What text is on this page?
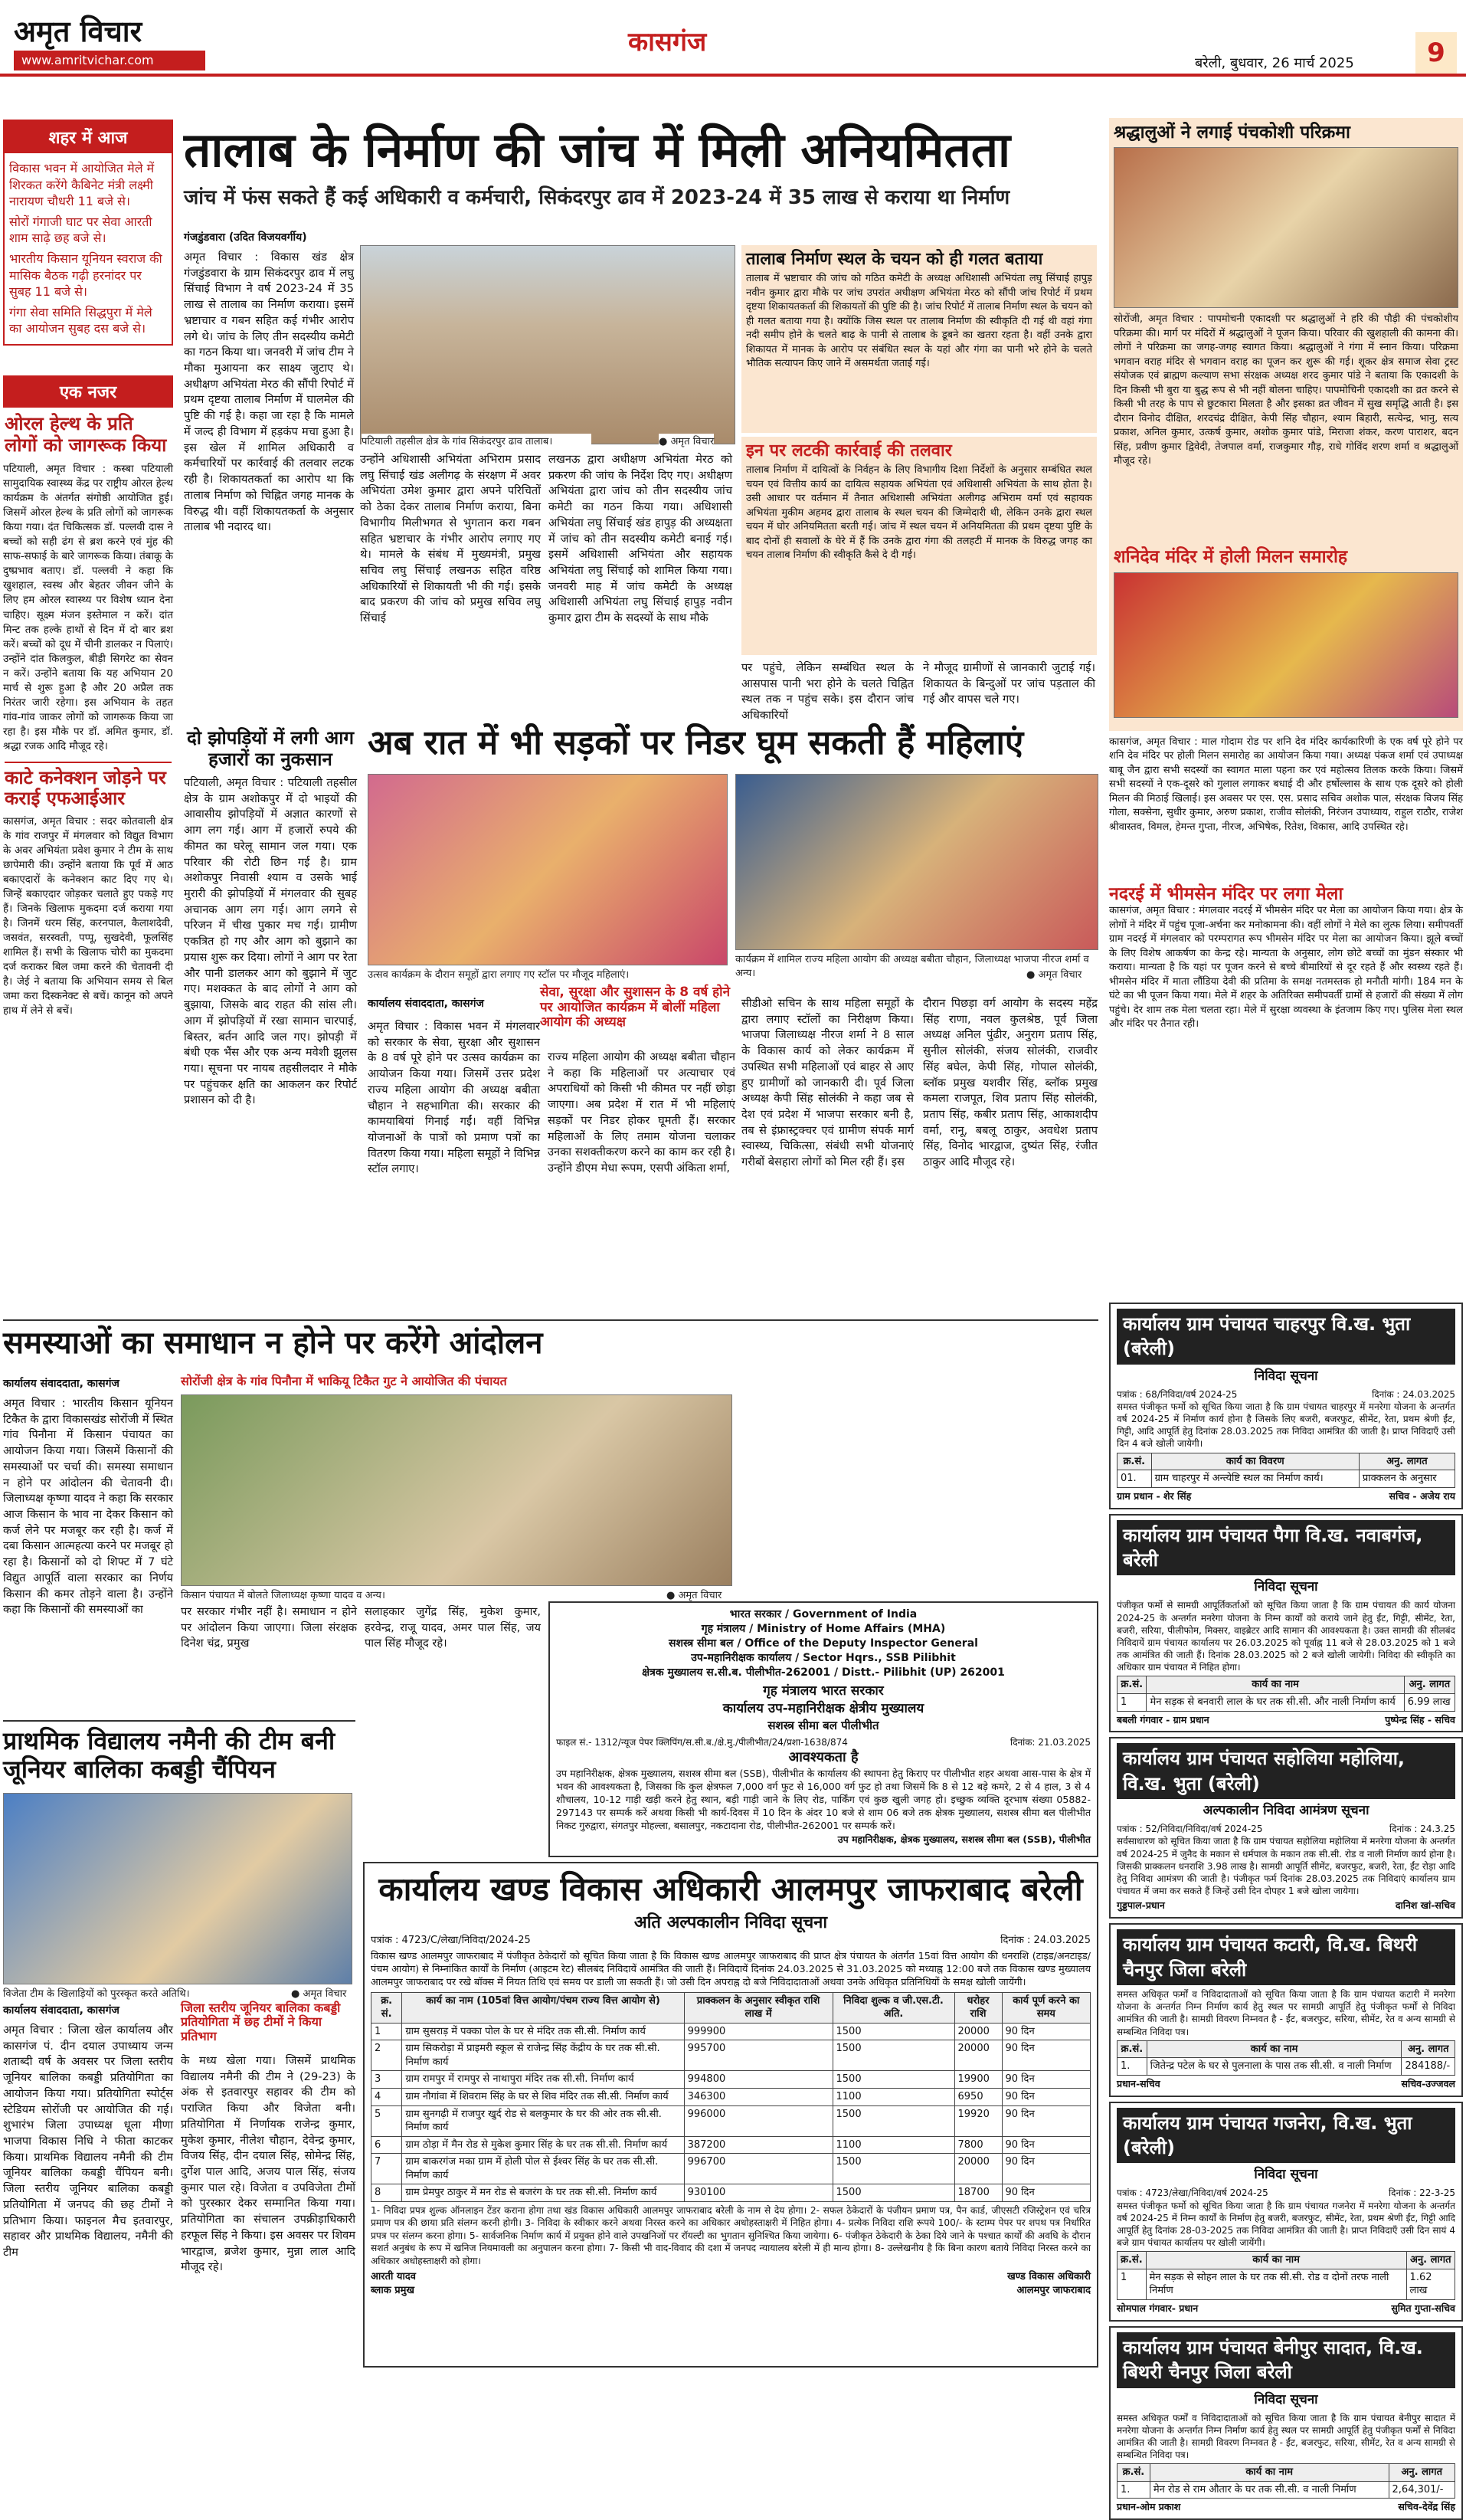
अमृत विचार
www.amritvichar.com
कासगंज
बरेली, बुधवार, 26 मार्च 2025	9
शहर में आज
विकास भवन में आयोजित मेले में शिरकत करेंगे कैबिनेट मंत्री लक्ष्मी नारायण चौधरी 11 बजे से।
सोरों गंगाजी घाट पर सेवा आरती शाम साढ़े छह बजे से।
भारतीय किसान यूनियन स्वराज की मासिक बैठक गढ़ी हरनांदर पर सुबह 11 बजे से।
गंगा सेवा समिति सिद्धपुरा में मेले का आयोजन सुबह दस बजे से।
एक नजर
ओरल हेल्थ के प्रति लोगों को जागरूक किया
पटियाली, अमृत विचार : कस्बा पटियाली सामुदायिक स्वास्थ्य केंद्र पर राष्ट्रीय ओरल हेल्थ कार्यक्रम के अंतर्गत संगोष्ठी आयोजित हुई। जिसमें ओरल हेल्थ के प्रति लोगों को जागरूक किया गया। दंत चिकित्सक डॉ. पल्लवी दास ने बच्चों को सही ढंग से ब्रश करने एवं मुंह की साफ-सफाई के बारे जागरूक किया। तंबाकू के दुष्प्रभाव बताए। डॉ. पल्लवी ने कहा कि खुशहाल, स्वस्थ और बेहतर जीवन जीने के लिए हम ओरल स्वास्थ्य पर विशेष ध्यान देना चाहिए। सूक्ष्म मंजन इस्तेमाल न करें। दांत मिन्ट तक हल्के हाथों से दिन में दो बार ब्रश करें। बच्चों को दूध में चीनी डालकर न पिलाएं। उन्होंने दांत किलकुल, बीड़ी सिगरेट का सेवन न करें। उन्होंने बताया कि यह अभियान 20 मार्च से शुरू हुआ है और 20 अप्रैल तक निरंतर जारी रहेगा। इस अभियान के तहत गांव-गांव जाकर लोगों को जागरूक किया जा रहा है। इस मौके पर डॉ. अमित कुमार, डॉ. श्रद्धा रजक आदि मौजूद रहे।
काटे कनेक्शन जोड़ने पर कराई एफआईआर
कासगंज, अमृत विचार : सदर कोतवाली क्षेत्र के गांव राजपुर में मंगलवार को विद्युत विभाग के अवर अभियंता प्रवेश कुमार ने टीम के साथ छापेमारी की। उन्होंने बताया कि पूर्व में आठ बकाएदारों के कनेक्शन काट दिए गए थे। जिन्हें बकाएदार जोड़कर चलाते हुए पकड़े गए हैं। जिनके खिलाफ मुकदमा दर्ज कराया गया है। जिनमें धरम सिंह, करनपाल, कैलाशदेवी, जसवंत, सरस्वती, पप्पू, सुखदेवी, फूलसिंह शामिल हैं। सभी के खिलाफ चोरी का मुकदमा दर्ज कराकर बिल जमा करने की चेतावनी दी है। जेई ने बताया कि अभियान समय से बिल जमा करा दिस्कनेक्ट से बचें। कानून को अपने हाथ में लेने से बचें।
तालाब के निर्माण की जांच में मिली अनियमितता
जांच में फंस सकते हैं कई अधिकारी व कर्मचारी, सिकंदरपुर ढाव में 2023-24 में 35 लाख से कराया था निर्माण
गंजडुंडवारा (उदित विजयवर्गीय)
पटियाली तहसील क्षेत्र के गांव सिकंदरपुर ढाव तालाब।	● अमृत विचार
अमृत विचार : विकास खंड क्षेत्र गंजडुंडवारा के ग्राम सिकंदरपुर ढाव में लघु सिंचाई विभाग ने वर्ष 2023-24 में 35 लाख से तालाब का निर्माण कराया। इसमें भ्रष्टाचार व गबन सहित कई गंभीर आरोप लगे थे। जांच के लिए तीन सदस्यीय कमेटी का गठन किया था। जनवरी में जांच टीम ने मौका मुआयना कर साक्ष्य जुटाए थे। अधीक्षण अभियंता मेरठ की सौंपी रिपोर्ट में प्रथम दृष्टया तालाब निर्माण में घालमेल की पुष्टि की गई है। कहा जा रहा है कि मामले में जल्द ही विभाग में हड़कंप मचा हुआ है। इस खेल में शामिल अधिकारी व कर्मचारियों पर कार्रवाई की तलवार लटक रही है। शिकायतकर्ता का आरोप था कि तालाब निर्माण को चिह्नित जगह मानक के विरुद्ध थी। वहीं शिकायतकर्ता के अनुसार तालाब भी नदारद था।
उन्होंने अधिशासी अभियंता अभिराम प्रसाद लघु सिंचाई खंड अलीगढ़ के संरक्षण में अवर अभियंता उमेश कुमार द्वारा अपने परिचितों को ठेका देकर तालाब निर्माण कराया, बिना विभागीय मिलीभगत से भुगतान करा गबन सहित भ्रष्टाचार के गंभीर आरोप लगाए गए थे। मामले के संबंध में मुख्यमंत्री, प्रमुख सचिव लघु सिंचाई लखनऊ सहित वरिष्ठ अधिकारियों से शिकायती भी की गई। इसके बाद प्रकरण की जांच को प्रमुख सचिव लघु सिंचाई
लखनऊ द्वारा अधीक्षण अभियंता मेरठ को प्रकरण की जांच के निर्देश दिए गए। अधीक्षण अभियंता द्वारा जांच को तीन सदस्यीय जांच कमेटी का गठन किया गया। अधिशासी अभियंता लघु सिंचाई खंड हापुड़ की अध्यक्षता में जांच को तीन सदस्यीय कमेटी बनाई गई। इसमें अधिशासी अभियंता और सहायक अभियंता लघु सिंचाई को शामिल किया गया। जनवरी माह में जांच कमेटी के अध्यक्ष अधिशासी अभियंता लघु सिंचाई हापुड़ नवीन कुमार द्वारा टीम के सदस्यों के साथ मौके
तालाब निर्माण स्थल के चयन को ही गलत बताया
तालाब में भ्रष्टाचार की जांच को गठित कमेटी के अध्यक्ष अधिशासी अभियंता लघु सिंचाई हापुड़ नवीन कुमार द्वारा मौके पर जांच उपरांत अधीक्षण अभियंता मेरठ को सौंपी जांच रिपोर्ट में प्रथम दृष्टया शिकायतकर्ता की शिकायतों की पुष्टि की है। जांच रिपोर्ट में तालाब निर्माण स्थल के चयन को ही गलत बताया गया है। क्योंकि जिस स्थल पर तालाब निर्माण की स्वीकृति दी गई थी वहां गंगा नदी समीप होने के चलते बाढ़ के पानी से तालाब के डूबने का खतरा रहता है। वहीं उनके द्वारा शिकायत में मानक के आरोप पर संबंधित स्थल के यहां और गंगा का पानी भरे होने के चलते भौतिक सत्यापन किए जाने में असमर्थता जताई गई।
इन पर लटकी कार्रवाई की तलवार
तालाब निर्माण में दायित्वों के निर्वहन के लिए विभागीय दिशा निर्देशों के अनुसार सम्बंधित स्थल चयन एवं वित्तीय कार्य का दायित्व सहायक अभियंता एवं अधिशासी अभियंता के साथ होता है। उसी आधार पर वर्तमान में तैनात अधिशासी अभियंता अलीगढ़ अभिराम वर्मा एवं सहायक अभियंता मुकीम अहमद द्वारा तालाब के स्थल चयन की जिम्मेदारी थी, लेकिन उनके द्वारा स्थल चयन में घोर अनियमितता बरती गई। जांच में स्थल चयन में अनियमितता की प्रथम दृष्टया पुष्टि के बाद दोनों ही सवालों के घेरे में हैं कि उनके द्वारा गंगा की तलहटी में मानक के विरुद्ध जगह का चयन तालाब निर्माण की स्वीकृति कैसे दे दी गई।
पर पहुंचे, लेकिन सम्बंधित स्थल के आसपास पानी भरा होने के चलते चिह्नित स्थल तक न पहुंच सके। इस दौरान जांच अधिकारियों
ने मौजूद ग्रामीणों से जानकारी जुटाई गई। शिकायत के बिन्दुओं पर जांच पड़ताल की गई और वापस चले गए।
दो झोपड़ियों में लगी आग हजारों का नुकसान
पटियाली, अमृत विचार : पटियाली तहसील क्षेत्र के ग्राम अशोकपुर में दो भाइयों की आवासीय झोपड़ियों में अज्ञात कारणों से आग लग गई। आग में हजारों रुपये की कीमत का घरेलू सामान जल गया। एक परिवार की रोटी छिन गई है। ग्राम अशोकपुर निवासी श्याम व उसके भाई मुरारी की झोपड़ियों में मंगलवार की सुबह अचानक आग लग गई। आग लगने से परिजन में चीख पुकार मच गई। ग्रामीण एकत्रित हो गए और आग को बुझाने का प्रयास शुरू कर दिया। लोगों ने आग पर रेता और पानी डालकर आग को बुझाने में जुट गए। मशक्कत के बाद लोगों ने आग को बुझाया, जिसके बाद राहत की सांस ली। आग में झोपड़ियों में रखा सामान चारपाई, बिस्तर, बर्तन आदि जल गए। झोपड़ी में बंधी एक भैंस और एक अन्य मवेशी झुलस गया। सूचना पर नायब तहसीलदार ने मौके पर पहुंचकर क्षति का आकलन कर रिपोर्ट प्रशासन को दी है।
अब रात में भी सड़कों पर निडर घूम सकती हैं महिलाएं
उत्सव कार्यक्रम के दौरान समूहों द्वारा लगाए गए स्टॉल पर मौजूद महिलाएं।
कार्यक्रम में शामिल राज्य महिला आयोग की अध्यक्ष बबीता चौहान, जिलाध्यक्ष भाजपा नीरज शर्मा व अन्य।	● अमृत विचार
कार्यालय संवाददाता, कासगंज
सेवा, सुरक्षा और सुशासन के 8 वर्ष होने पर आयोजित कार्यक्रम में बोलीं महिला आयोग की अध्यक्ष
अमृत विचार : विकास भवन में मंगलवार को सरकार के सेवा, सुरक्षा और सुशासन के 8 वर्ष पूरे होने पर उत्सव कार्यक्रम का आयोजन किया गया। जिसमें उत्तर प्रदेश राज्य महिला आयोग की अध्यक्ष बबीता चौहान ने सहभागिता की। सरकार की कामयाबियां गिनाई गईं। वहीं विभिन्न योजनाओं के पात्रों को प्रमाण पत्रों का वितरण किया गया। महिला समूहों ने विभिन्न स्टॉल लगाए।
राज्य महिला आयोग की अध्यक्ष बबीता चौहान ने कहा कि महिलाओं पर अत्याचार एवं अपराधियों को किसी भी कीमत पर नहीं छोड़ा जाएगा। अब प्रदेश में रात में भी महिलाएं सड़कों पर निडर होकर घूमती हैं। सरकार महिलाओं के लिए तमाम योजना चलाकर उनका सशक्तीकरण करने का काम कर रही है। उन्होंने डीएम मेधा रूपम, एसपी अंकिता शर्मा,
सीडीओ सचिन के साथ महिला समूहों के द्वारा लगाए स्टॉलों का निरीक्षण किया। भाजपा जिलाध्यक्ष नीरज शर्मा ने 8 साल के विकास कार्य को लेकर कार्यक्रम में उपस्थित सभी महिलाओं एवं बाहर से आए हुए ग्रामीणों को जानकारी दी। पूर्व जिला अध्यक्ष केपी सिंह सोलंकी ने कहा जब से देश एवं प्रदेश में भाजपा सरकार बनी है, तब से इंफ्रास्ट्रक्चर एवं ग्रामीण संपर्क मार्ग स्वास्थ्य, चिकित्सा, संबंधी सभी योजनाएं गरीबों बेसहारा लोगों को मिल रही हैं। इस
दौरान पिछड़ा वर्ग आयोग के सदस्य महेंद्र सिंह राणा, नवल कुलश्रेष्ठ, पूर्व जिला अध्यक्ष अनिल पुंढीर, अनुराग प्रताप सिंह, सुनील सोलंकी, संजय सोलंकी, राजवीर सिंह बघेल, केपी सिंह, गोपाल सोलंकी, ब्लॉक प्रमुख यशवीर सिंह, ब्लॉक प्रमुख कमला राजपूत, शिव प्रताप सिंह सोलंकी, प्रताप सिंह, कबीर प्रताप सिंह, आकाशदीप वर्मा, रानू, बबलू ठाकुर, अवधेश प्रताप सिंह, विनोद भारद्वाज, दुष्यंत सिंह, रंजीत ठाकुर आदि मौजूद रहे।
समस्याओं का समाधान न होने पर करेंगे आंदोलन
कार्यालय संवाददाता, कासगंज	सोरोंजी क्षेत्र के गांव पिनौना में भाकियू टिकैत गुट ने आयोजित की पंचायत
किसान पंचायत में बोलते जिलाध्यक्ष कृष्णा यादव व अन्य।	● अमृत विचार
अमृत विचार : भारतीय किसान यूनियन टिकैत के द्वारा विकासखंड सोरोंजी में स्थित गांव पिनौना में किसान पंचायत का आयोजन किया गया। जिसमें किसानों की समस्याओं पर चर्चा की। समस्या समाधान न होने पर आंदोलन की चेतावनी दी। जिलाध्यक्ष कृष्णा यादव ने कहा कि सरकार आज किसान के भाव ना देकर किसान को कर्ज लेने पर मजबूर कर रही है। कर्ज में दबा किसान आत्महत्या करने पर मजबूर हो रहा है। किसानों को दो शिफ्ट में 7 घंटे विद्युत आपूर्ति वाला सरकार का निर्णय किसान की कमर तोड़ने वाला है। उन्होंने कहा कि किसानों की समस्याओं का	पर सरकार गंभीर नहीं है। समाधान न होने पर आंदोलन किया जाएगा। जिला संरक्षक दिनेश चंद्र, प्रमुख
सलाहकार जुगेंद्र सिंह, मुकेश कुमार, हरवेन्द्र, राजू यादव, अमर पाल सिंह, जय पाल सिंह मौजूद रहे।
भारत सरकार / Government of India
गृह मंत्रालय / Ministry of Home Affairs (MHA)
सशस्त्र सीमा बल / Office of the Deputy Inspector General
उप-महानिरीक्षक कार्यालय / Sector Hqrs., SSB Pilibhit
क्षेत्रक मुख्यालय स.सी.ब. पीलीभीत-262001 / Distt.- Pilibhit (UP) 262001
गृह मंत्रालय भारत सरकार
कार्यालय उप-महानिरीक्षक क्षेत्रीय मुख्यालय
सशस्त्र सीमा बल पीलीभीत
फाइल सं.- 1312/न्यूज पेपर क्लिपिंग/स.सी.ब./क्षे.मु./पीलीभीत/24/प्रशा-1638/874	दिनांक: 21.03.2025
आवश्यकता है
उप महानिरीक्षक, क्षेत्रक मुख्यालय, सशस्त्र सीमा बल (SSB), पीलीभीत के कार्यालय की स्थापना हेतु किराए पर पीलीभीत शहर अथवा आस-पास के क्षेत्र में भवन की आवश्यकता है, जिसका कि कुल क्षेत्रफल 7,000 वर्ग फुट से 16,000 वर्ग फुट हो तथा जिसमें कि 8 से 12 बड़े कमरे, 2 से 4 हाल, 3 से 4 शौचालय, 10-12 गाड़ी खड़ी करने हेतु स्थान, बड़ी गाड़ी जाने के लिए रोड, पार्किंग एवं कुछ खुली जगह हो। इच्छुक व्यक्ति दूरभाष संख्या 05882-297143 पर सम्पर्क करें अथवा किसी भी कार्य-दिवस में 10 दिन के अंदर 10 बजे से शाम 06 बजे तक क्षेत्रक मुख्यालय, सशस्त्र सीमा बल पीलीभीत निकट गुरुद्वारा, संगतपुर मोहल्ला, बसालपुर, नकटादाना रोड, पीलीभीत-262001 पर सम्पर्क करें।
उप महानिरीक्षक, क्षेत्रक मुख्यालय, सशस्त्र सीमा बल (SSB), पीलीभीत
प्राथमिक विद्यालय नमैनी की टीम बनी जूनियर बालिका कबड्डी चैंपियन
विजेता टीम के खिलाड़ियों को पुरस्कृत करते अतिथि।	● अमृत विचार
कार्यालय संवाददाता, कासगंज	जिला स्तरीय जूनियर बालिका कबड्डी प्रतियोगिता में छह टीमों ने किया प्रतिभाग
अमृत विचार : जिला खेल कार्यालय और कासगंज पं. दीन दयाल उपाध्याय जन्म शताब्दी वर्ष के अवसर पर जिला स्तरीय जूनियर बालिका कबड्डी प्रतियोगिता का आयोजन किया गया। प्रतियोगिता स्पोर्ट्स स्टेडियम सोरोंजी पर आयोजित की गई। शुभारंभ जिला उपाध्यक्ष धूला मीणा भाजपा विकास निधि ने फीता काटकर किया। प्राथमिक विद्यालय नमैनी की टीम जूनियर बालिका कबड्डी चैंपियन बनी। जिला स्तरीय जूनियर बालिका कबड्डी प्रतियोगिता में जनपद की छह टीमों ने प्रतिभाग किया। फाइनल मैच इतवारपुर, सहावर और प्राथमिक विद्यालय, नमैनी की टीम
के मध्य खेला गया। जिसमें प्राथमिक विद्यालय नमैनी की टीम ने (29-23) के अंक से इतवारपुर सहावर की टीम को पराजित किया और विजेता बनी। प्रतियोगिता में निर्णायक राजेन्द्र कुमार, मुकेश कुमार, नीलेश चौहान, देवेन्द्र कुमार, विजय सिंह, दीन दयाल सिंह, सोमेन्द्र सिंह, दुर्गेश पाल आदि, अजय पाल सिंह, संजय कुमार पाल रहे। विजेता व उपविजेता टीमों को पुरस्कार देकर सम्मानित किया गया। प्रतियोगिता का संचालन उपक्रीड़ाधिकारी हरफूल सिंह ने किया। इस अवसर पर शिवम भारद्वाज, ब्रजेश कुमार, मुन्ना लाल आदि मौजूद रहे।
कार्यालय खण्ड विकास अधिकारी आलमपुर जाफराबाद बरेली
अति अल्पकालीन निविदा सूचना
पत्रांक : 4723/C/लेखा/निविदा/2024-25	दिनांक : 24.03.2025
विकास खण्ड आलमपुर जाफराबाद में पंजीकृत ठेकेदारों को सूचित किया जाता है कि विकास खण्ड आलमपुर जाफराबाद की प्राप्त क्षेत्र पंचायत के अंतर्गत 15वां वित्त आयोग की धनराशि (टाइड/अनटाइड/पंचम आयोग) से निम्नांकित कार्यों के निर्माण (आइटम रेट) सीलबंद निविदायें आमंत्रित की जाती हैं। निविदायें दिनांक 24.03.2025 से 31.03.2025 को मध्याह्न 12:00 बजे तक विकास खण्ड मुख्यालय आलमपुर जाफराबाद पर रखे बॉक्स में नियत तिथि एवं समय पर डाली जा सकती हैं। जो उसी दिन अपराह्न दो बजे निविदादाताओं अथवा उनके अधिकृत प्रतिनिधियों के समक्ष खोली जायेंगी।
क्र. सं.	कार्य का नाम (105वां वित्त आयोग/पंचम राज्य वित्त आयोग से)	प्राक्कलन के अनुसार स्वीकृत राशि लाख में	निविदा शुल्क व जी.एस.टी. अति.	धरोहर राशि	कार्य पूर्ण करने का समय
1	ग्राम सुसराड़ में पक्का पोल के घर से मंदिर तक सी.सी. निर्माण कार्य	999900	1500	20000	90 दिन
2	ग्राम सिकरोड़ा में प्राइमरी स्कूल से राजेन्द्र सिंह केंद्रीय के घर तक सी.सी. निर्माण कार्य	995700	1500	20000	90 दिन
3	ग्राम रामपुर में रामपुर से नाथापुरा मंदिर तक सी.सी. निर्माण कार्य	994800	1500	19900	90 दिन
4	ग्राम नौगांवा में शिवराम सिंह के घर से शिव मंदिर तक सी.सी. निर्माण कार्य	346300	1100	6950	90 दिन
5	ग्राम सुनगढ़ी में राजपुर खुर्द रोड से बलकुमार के घर की ओर तक सी.सी. निर्माण कार्य	996000	1500	19920	90 दिन
6	ग्राम ठोड़ा में मैन रोड से मुकेश कुमार सिंह के घर तक सी.सी. निर्माण कार्य	387200	1100	7800	90 दिन
7	ग्राम बाकरगंज मका ग्राम में होली पोल से ईश्वर सिंह के घर तक सी.सी. निर्माण कार्य	996700	1500	20000	90 दिन
8	ग्राम प्रेमपुर ठाकुर में मन रोड से बजरंग के घर तक सी.सी. निर्माण कार्य	930100	1500	18700	90 दिन
1- निविदा प्रपत्र शुल्क ऑनलाइन टेंडर कराना होगा तथा खंड विकास अधिकारी आलमपुर जाफराबाद बरेली के नाम से देय होगा। 2- सफल ठेकेदारों के पंजीयन प्रमाण पत्र, पैन कार्ड, जीएसटी रजिस्ट्रेशन एवं चरित्र प्रमाण पत्र की छाया प्रति संलग्न करनी होगी। 3- निविदा के स्वीकार करने अथवा निरस्त करने का अधिकार अधोहस्ताक्षरी में निहित होगा। 4- प्रत्येक निविदा राशि रूपये 100/- के स्टाम्प पेपर पर शपथ पत्र निर्धारित प्रपत्र पर संलग्न करना होगा। 5- सार्वजनिक निर्माण कार्य में प्रयुक्त होने वाले उपखनिजों पर रॉयल्टी का भुगतान सुनिश्चित किया जायेगा। 6- पंजीकृत ठेकेदारी के ठेका दिये जाने के पश्चात कार्यों की अवधि के दौरान सशर्त अनुबंध के रूप में खनिज नियमावली का अनुपालन करना होगा। 7- किसी भी वाद-विवाद की दशा में जनपद न्यायालय बरेली में ही मान्य होगा। 8- उल्लेखनीय है कि बिना कारण बताये निविदा निरस्त करने का अधिकार अधोहस्ताक्षरी को होगा।
आरती यादव
ब्लाक प्रमुख
खण्ड विकास अधिकारी
आलमपुर जाफराबाद
श्रद्धालुओं ने लगाई पंचकोशी परिक्रमा
सोरोंजी, अमृत विचार : पापमोचनी एकादशी पर श्रद्धालुओं ने हरि की पौड़ी की पंचकोशीय परिक्रमा की। मार्ग पर मंदिरों में श्रद्धालुओं ने पूजन किया। परिवार की खुशहाली की कामना की। लोगों ने परिक्रमा का जगह-जगह स्वागत किया। श्रद्धालुओं ने गंगा में स्नान किया। परिक्रमा भगवान वराह मंदिर से भगवान वराह का पूजन कर शुरू की गई। शूकर क्षेत्र समाज सेवा ट्रस्ट संयोजक एवं ब्राह्मण कल्याण सभा संरक्षक अध्यक्ष शरद कुमार पांडे ने बताया कि एकादशी के दिन किसी भी बुरा या बुद्ध रूप से भी नहीं बोलना चाहिए। पापमोचिनी एकादशी का व्रत करने से किसी भी तरह के पाप से छुटकारा मिलता है और इसका व्रत जीवन में सुख समृद्धि आती है। इस दौरान विनोद दीक्षित, शरदचंद्र दीक्षित, केपी सिंह चौहान, श्याम बिहारी, सत्येन्द्र, भानु, सत्य प्रकाश, अनिल कुमार, उत्कर्ष कुमार, अशोक कुमार पांडे, मिराजा शंकर, करण पाराशर, बदन सिंह, प्रवीण कुमार द्विवेदी, तेजपाल वर्मा, राजकुमार गौड़, राधे गोविंद शरण शर्मा व श्रद्धालुओं मौजूद रहे।
शनिदेव मंदिर में होली मिलन समारोह
कासगंज, अमृत विचार : माल गोदाम रोड पर शनि देव मंदिर कार्यकारिणी के एक वर्ष पूरे होने पर शनि देव मंदिर पर होली मिलन समारोह का आयोजन किया गया। अध्यक्ष पंकज शर्मा एवं उपाध्यक्ष बाबू जैन द्वारा सभी सदस्यों का स्वागत माला पहना कर एवं महोत्सव तिलक करके किया। जिसमें सभी सदस्यों ने एक-दूसरे को गुलाल लगाकर बधाई दी और हर्षोल्लास के साथ एक दूसरे को होली मिलन की मिठाई खिलाई। इस अवसर पर एस. एस. प्रसाद सचिव अशोक पाल, संरक्षक विजय सिंह गोला, सक्सेना, सुधीर कुमार, अरुण प्रकाश, राजीव सोलंकी, निरंजन उपाध्याय, राहुल राठौर, राजेश श्रीवास्तव, विमल, हेमन्त गुप्ता, नीरज, अभिषेक, रितेश, विकास, आदि उपस्थित रहे।
नदरई में भीमसेन मंदिर पर लगा मेला
कासगंज, अमृत विचार : मंगलवार नदरई में भीमसेन मंदिर पर मेला का आयोजन किया गया। क्षेत्र के लोगों ने मंदिर में पहुंच पूजा-अर्चना कर मनोकामना की। वहीं लोगों ने मेले का लुत्फ लिया। समीपवर्ती ग्राम नदरई में मंगलवार को परम्परागत रूप भीमसेन मंदिर पर मेला का आयोजन किया। झूले बच्चों के लिए विशेष आकर्षण का केन्द्र रहे। मान्यता के अनुसार, लोग छोटे बच्चों का मुंडन संस्कार भी कराया। मान्यता है कि यहां पर पूजन करने से बच्चे बीमारियों से दूर रहते हैं और स्वस्थ्य रहते हैं। भीमसेन मंदिर में माता लौंडिया देवी की प्रतिमा के समक्ष नतमस्तक हो मनौती मांगी। 184 मन के घंटे का भी पूजन किया गया। मेले में शहर के अतिरिक्त समीपवर्ती ग्रामों से हजारों की संख्या में लोग पहुंचे। देर शाम तक मेला चलता रहा। मेले में सुरक्षा व्यवस्था के इंतजाम किए गए। पुलिस मेला स्थल और मंदिर पर तैनात रही।
कार्यालय ग्राम पंचायत चाहरपुर वि.ख. भुता (बरेली)
निविदा सूचना
पत्रांक : 68/निविदा/वर्ष 2024-25	दिनांक : 24.03.2025
समस्त पंजीकृत फर्मो को सूचित किया जाता है कि ग्राम पंचायत चाहरपुर में मनरेगा योजना के अन्तर्गत वर्ष 2024-25 में निर्माण कार्य होना है जिसके लिए बजरी, बजरफुट, सीमेंट, रेता, प्रथम श्रेणी ईंट, गिट्टी, आदि आपूर्ति हेतु दिनांक 28.03.2025 तक निविदा आमंत्रित की जाती है। प्राप्त निविदाएँ उसी दिन 4 बजे खोली जायेगी।
क्र.सं.	कार्य का विवरण	अनु. लागत
01.	ग्राम चाहरपुर में अन्त्येष्टि स्थल का निर्माण कार्य।	प्राक्कलन के अनुसार
ग्राम प्रधान - शेर सिंह	सचिव - अजेय राय
कार्यालय ग्राम पंचायत पैगा वि.ख. नवाबगंज, बरेली
निविदा सूचना
पंजीकृत फर्मो से सामग्री आपूर्तिकर्ताओं को सूचित किया जाता है कि ग्राम पंचायत की कार्य योजना 2024-25 के अन्तर्गत मनरेगा योजना के निम्न कार्यों को कराये जाने हेतु ईंट, गिट्टी, सीमेंट, रेता, बजरी, सरिया, पीलीफोम, मिक्सर, वाइब्रेटर आदि सामान की आवश्यकता है। उक्त सामग्री की सीलबंद निविदायें ग्राम पंचायत कार्यालय पर 26.03.2025 को पूर्वाह्न 11 बजे से 28.03.2025 को 1 बजे तक आमंत्रित की जाती हैं। दिनांक 28.03.2025 को 2 बजे खोली जायेगी। निविदा की स्वीकृति का अधिकार ग्राम पंचायत में निहित होगा।
क्र.सं.	कार्य का नाम	अनु. लागत
1	मेन सड़क से बनवारी लाल के घर तक सी.सी. और नाली निर्माण कार्य	6.99 लाख
बबली गंगवार - ग्राम प्रधान	पुष्पेन्द्र सिंह - सचिव
कार्यालय ग्राम पंचायत सहोलिया महोलिया, वि.ख. भुता (बरेली)
अल्पकालीन निविदा आमंत्रण सूचना
पत्रांक : 52/निविदा/निविदा/वर्ष 2024-25	दिनांक : 24.3.25
सर्वसाधारण को सूचित किया जाता है कि ग्राम पंचायत सहोलिया महोलिया में मनरेगा योजना के अन्तर्गत वर्ष 2024-25 में जुनैद के मकान से धर्मपाल के मकान तक सी.सी. रोड व नाली निर्माण कार्य होना है। जिसकी प्राक्कलन धनराशि 3.98 लाख है। सामग्री आपूर्ति सीमेंट, बजरफुट, बजरी, रेता, ईंट रोड़ा आदि हेतु निविदा आमंत्रण की जाती है। पंजीकृत फर्म दिनांक 28.03.2025 तक निविदाएं कार्यालय ग्राम पंचायत में जमा कर सकते हैं जिन्हें उसी दिन दोपहर 1 बजे खोला जायेगा।
गुड्डपाल-प्रधान	दानिश खां-सचिव
कार्यालय ग्राम पंचायत कटारी, वि.ख. बिथरी चैनपुर जिला बरेली
समस्त अधिकृत फर्मों व निविदादाताओं को सूचित किया जाता है कि ग्राम पंचायत कटारी में मनरेगा योजना के अन्तर्गत निम्न निर्माण कार्य हेतु स्थल पर सामग्री आपूर्ति हेतु पंजीकृत फर्मों से निविदा आमंत्रित की जाती है। सामग्री विवरण निम्नवत है - ईंट, बजरफुट, सरिया, सीमेंट, रेत व अन्य सामग्री से सम्बन्धित निविदा पत्र।
क्र.सं.	कार्य का नाम	अनु. लागत
1.	जितेन्द्र पटेल के घर से पुलनाला के पास तक सी.सी. व नाली निर्माण	284188/-
प्रधान-सचिव	सचिव-उज्जवल
कार्यालय ग्राम पंचायत गजनेरा, वि.ख. भुता (बरेली)
निविदा सूचना
पत्रांक : 4723/लेखा/निविदा/वर्ष 2024-25	दिनांक : 22-3-25
समस्त पंजीकृत फर्मो को सूचित किया जाता है कि ग्राम पंचायत गजनेरा में मनरेगा योजना के अन्तर्गत वर्ष 2024-25 में निम्न कार्यों के निर्माण हेतु बजरी, बजरफुट, सीमेंट, रेता, प्रथम श्रेणी ईंट, गिट्टी आदि आपूर्ति हेतु दिनांक 28-03-2025 तक निविदा आमंत्रित की जाती है। प्राप्त निविदाएँ उसी दिन सायं 4 बजे ग्राम पंचायत कार्यालय पर खोली जायेंगी।
क्र.सं.	कार्य का नाम	अनु. लागत
1	मेन सड़क से सोहन लाल के घर तक सी.सी. रोड व दोनों तरफ नाली निर्माण	1.62 लाख
सोमपाल गंगवार- प्रधान	सुमित गुप्ता-सचिव
कार्यालय ग्राम पंचायत बेनीपुर सादात, वि.ख. बिथरी चैनपुर जिला बरेली
निविदा सूचना
समस्त अधिकृत फर्मों व निविदादाताओं को सूचित किया जाता है कि ग्राम पंचायत बेनीपुर सादात में मनरेगा योजना के अन्तर्गत निम्न निर्माण कार्य हेतु स्थल पर सामग्री आपूर्ति हेतु पंजीकृत फर्मों से निविदा आमंत्रित की जाती है। सामग्री विवरण निम्नवत है - ईंट, बजरफुट, सरिया, सीमेंट, रेत व अन्य सामग्री से सम्बन्धित निविदा पत्र।
क्र.सं.	कार्य का नाम	अनु. लागत
1.	मेन रोड से राम औतार के घर तक सी.सी. व नाली निर्माण	2,64,301/-
प्रधान-ओम प्रकाश	सचिव-देवेंद्र सिंह
